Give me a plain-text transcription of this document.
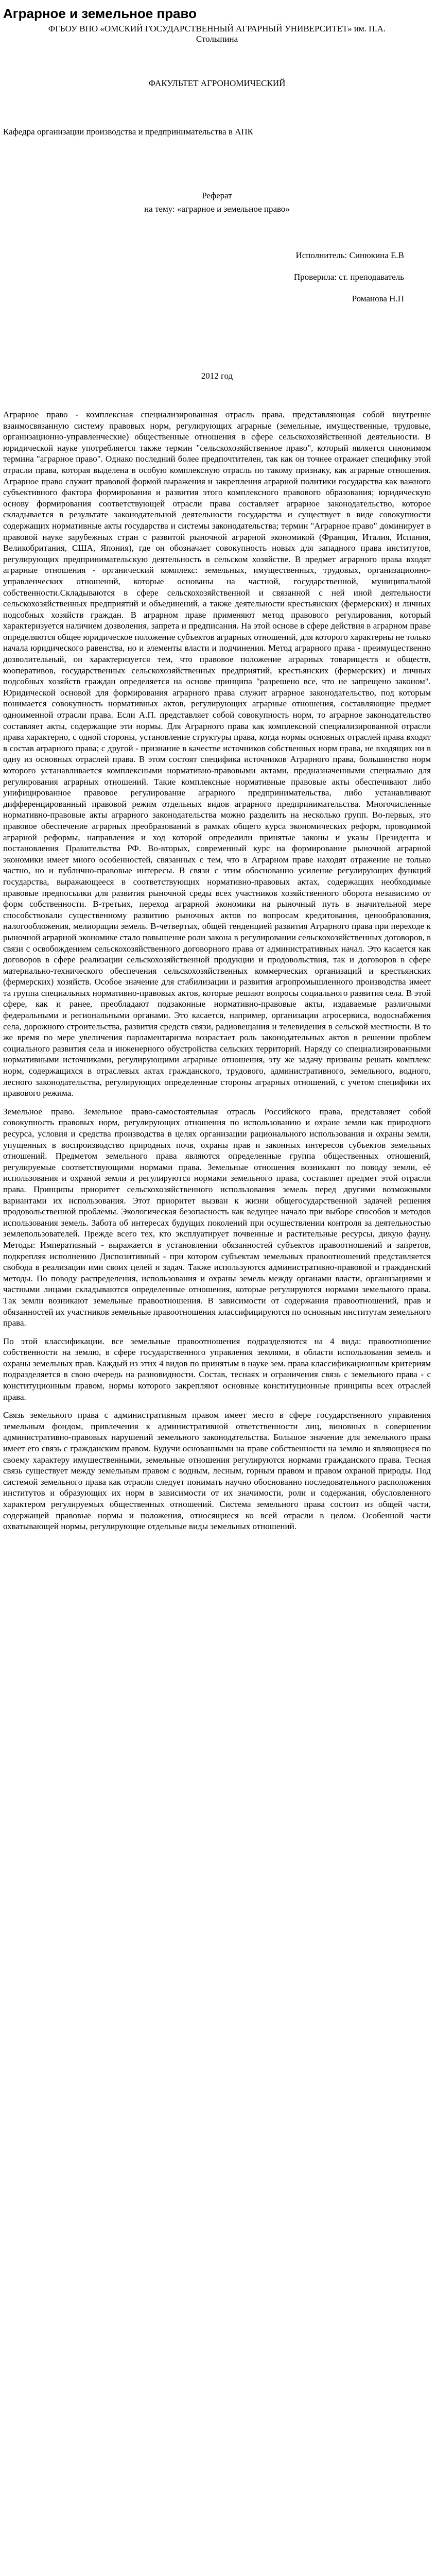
Аграрное и земельное право
ФГБОУ ВПО «ОМСКИЙ ГОСУДАРСТВЕННЫЙ АГРАРНЫЙ УНИВЕРСИТЕТ» им. П.А. Столыпина
ФАКУЛЬТЕТ АГРОНОМИЧЕСКИЙ
Кафедра организации производства и предпринимательства в АПК
Реферат
на тему: «аграрное и земельное право»
Исполнитель: Синюкина Е.В
Проверила: ст. преподаватель
Романова Н.П
2012 год

Аграрное право - комплексная специализированная отрасль права, представляющая собой внутренне взаимосвязанную систему правовых норм, регулирующих аграрные (земельные, имущественные, трудовые, организационно-управленческие) общественные отношения в сфере сельскохозяйственной деятельности. В юридической науке употребляется также термин "сельскохозяйственное право", который является синонимом термина "аграрное право". Однако последний более предпочтителен, так как он точнее отражает специфику этой отрасли права, которая выделена в особую комплексную отрасль по такому признаку, как аграрные отношения. Аграрное право служит правовой формой выражения и закрепления аграрной политики государства как важного субъективного фактора формирования и развития этого комплексного правового образования; юридическую основу формирования соответствующей отрасли права составляет аграрное законодательство, которое складывается в результате законодательной деятельности государства и существует в виде совокупности содержащих нормативные акты государства и системы законодательства; термин "Аграрное право" доминирует в правовой науке зарубежных стран с развитой рыночной аграрной экономикой (Франция, Италия, Испания, Великобритания, США, Япония), где он обозначает совокупность новых для западного права институтов, регулирующих предпринимательскую деятельность в сельском хозяйстве. В предмет аграрного права входят аграрные отношения - органический комплекс: земельных, имущественных, трудовых, организационно-управленческих отношений, которые основаны на частной, государственной, муниципальной собственности.Складываются в сфере сельскохозяйственной и связанной с ней иной деятельности сельскохозяйственных предприятий и объединений, а также деятельности крестьянских (фермерских) и личных подсобных хозяйств граждан. В аграрном праве применяют метод правового регулирования, который характеризуется наличием дозволения, запрета и предписания. На этой основе в сфере действия в аграрном праве определяются общее юридическое положение субъектов аграрных отношений, для которого характерны не только начала юридического равенства, но и элементы власти и подчинения. Метод аграрного права - преимущественно дозволительный, он характеризуется тем, что правовое положение аграрных товариществ и обществ, кооперативов, государственных сельскохозяйственных предприятий, крестьянских (фермерских) и личных подсобных хозяйств граждан определяется на основе принципа "разрешено все, что не запрещено законом". Юридической основой для формирования аграрного права служит аграрное законодательство, под которым понимается совокупность нормативных актов, регулирующих аграрные отношения, составляющие предмет одноименной отрасли права. Если А.П. представляет собой совокупность норм, то аграрное законодательство составляет акты, содержащие эти нормы. Для Аграрного права как комплексной специализированной отрасли права характерно, с одной стороны, установление структуры права, когда нормы основных отраслей права входят в состав аграрного права; с другой - признание в качестве источников собственных норм права, не входящих ни в одну из основных отраслей права. В этом состоят специфика источников Аграрного права, большинство норм которого устанавливается комплексными нормативно-правовыми актами, предназначенными специально для регулирования аграрных отношений. Такие комплексные нормативные правовые акты обеспечивают либо унифицированное правовое регулирование аграрного предпринимательства, либо устанавливают дифференцированный правовой режим отдельных видов аграрного предпринимательства. Многочисленные нормативно-правовые акты аграрного законодательства можно разделить на несколько групп. Во-первых, это правовое обеспечение аграрных преобразований в рамках общего курса экономических реформ, проводимой аграрной реформы, направления и ход которой определили принятые законы и указы Президента и постановления Правительства РФ. Во-вторых, современный курс на формирование рыночной аграрной экономики имеет много особенностей, связанных с тем, что в Аграрном праве находят отражение не только частно, но и публично-правовые интересы. В связи с этим обоснованно усиление регулирующих функций государства, выражающееся в соответствующих нормативно-правовых актах, содержащих необходимые правовые предпосылки для развития рыночной среды всех участников хозяйственного оборота независимо от форм собственности. В-третьих, переход аграрной экономики на рыночный путь в значительной мере способствовали существенному развитию рыночных актов по вопросам кредитования, ценообразования, налогообложения, мелиорации земель. В-четвертых, общей тенденцией развития Аграрного права при переходе к рыночной аграрной экономике стало повышение роли закона в регулировании сельскохозяйственных договоров, в связи с освобождением сельскохозяйственного договорного права от административных начал. Это касается как договоров в сфере реализации сельскохозяйственной продукции и продовольствия, так и договоров в сфере материально-технического обеспечения сельскохозяйственных коммерческих организаций и крестьянских (фермерских) хозяйств. Особое значение для стабилизации и развития агропромышленного производства имеет та группа специальных нормативно-правовых актов, которые решают вопросы социального развития села. В этой сфере, как и ранее, преобладают подзаконные нормативно-правовые акты, издаваемые различными федеральными и региональными органами. Это касается, например, организации агросервиса, водоснабжения села, дорожного строительства, развития средств связи, радиовещания и телевидения в сельской местности. В то же время по мере увеличения парламентаризма возрастает роль законодательных актов в решении проблем социального развития села и инженерного обустройства сельских территорий. Наряду со специализированными нормативными источниками, регулирующими аграрные отношения, эту же задачу призваны решать комплекс норм, содержащихся в отраслевых актах гражданского, трудового, административного, земельного, водного, лесного законодательства, регулирующих определенные стороны аграрных отношений, с учетом специфики их правового режима.

Земельное право. Земельное право-самостоятельная отрасль Российского права, представляет собой совокупность правовых норм, регулирующих отношения по использованию и охране земли как природного ресурса, условия и средства производства в целях организации рационального использования и охраны земли, упущенных в воспроизводство природных почв, охраны прав и законных интересов субъектов земельных отношений. Предметом земельного права являются определенные группа общественных отношений, регулируемые соответствующими нормами права. Земельные отношения возникают по поводу земли, её использования и охраной земли и регулируются нормами земельного права, составляет предмет этой отрасли права. Принципы приоритет сельскохозяйственного использования земель перед другими возможными вариантами их использования. Этот приоритет вызван к жизни общегосударственной задачей решения продовольственной проблемы. Экологическая безопасность как ведущее начало при выборе способов и методов использования земель. Забота об интересах будущих поколений при осуществлении контроля за деятельностью землепользователей. Прежде всего тех, кто эксплуатирует почвенные и растительные ресурсы, дикую фауну. Методы: Императивный - выражается в установлении обязанностей субъектов правоотношений и запретов, подкрепляя исполнению Диспозитивный - при котором субъектам земельных правоотношений представляется свобода в реализации ими своих целей и задач. Также используются административно-правовой и гражданский методы. По поводу распределения, использования и охраны земель между органами власти, организациями и частными лицами складываются определенные отношения, которые регулируются нормами земельного права. Так земли возникают земельные правоотношения. В зависимости от содержания правоотношений, прав и обязанностей их участников земельные правоотношения классифицируются по основным институтам земельного права.

По этой классификации. все земельные правоотношения подразделяются на 4 вида: правоотношение собственности на землю, в сфере государственного управления землями, в области использования земель и охраны земельных прав. Каждый из этих 4 видов по принятым в науке зем. права классификационным критериям подразделяется в свою очередь на разновидности. Состав, теснаях и ограничения связь с земельного права - с конституционным правом, нормы которого закрепляют основные конституционные принципы всех отраслей права.

Связь земельного права с административным правом имеет место в сфере государственного управления земельным фондом, привлечения к административной ответственности лиц, виновных в совершении административно-правовых нарушений земельного законодательства. Большое значение для земельного права имеет его связь с гражданским правом. Будучи основанными на праве собственности на землю и являющиеся по своему характеру имущественными, земельные отношения регулируются нормами гражданского права. Тесная связь существует между земельным правом с водным, лесным, горным правом и правом охраной природы. Под системой земельного права как отрасли следует понимать научно обоснованно последовательного расположения институтов и образующих их норм в зависимости от их значимости, роли и содержания, обусловленного характером регулируемых общественных отношений. Система земельного права состоит из общей части, содержащей правовые нормы и положения, относящиеся ко всей отрасли в целом. Особенной части охватывающей нормы, регулирующие отдельные виды земельных отношений.
